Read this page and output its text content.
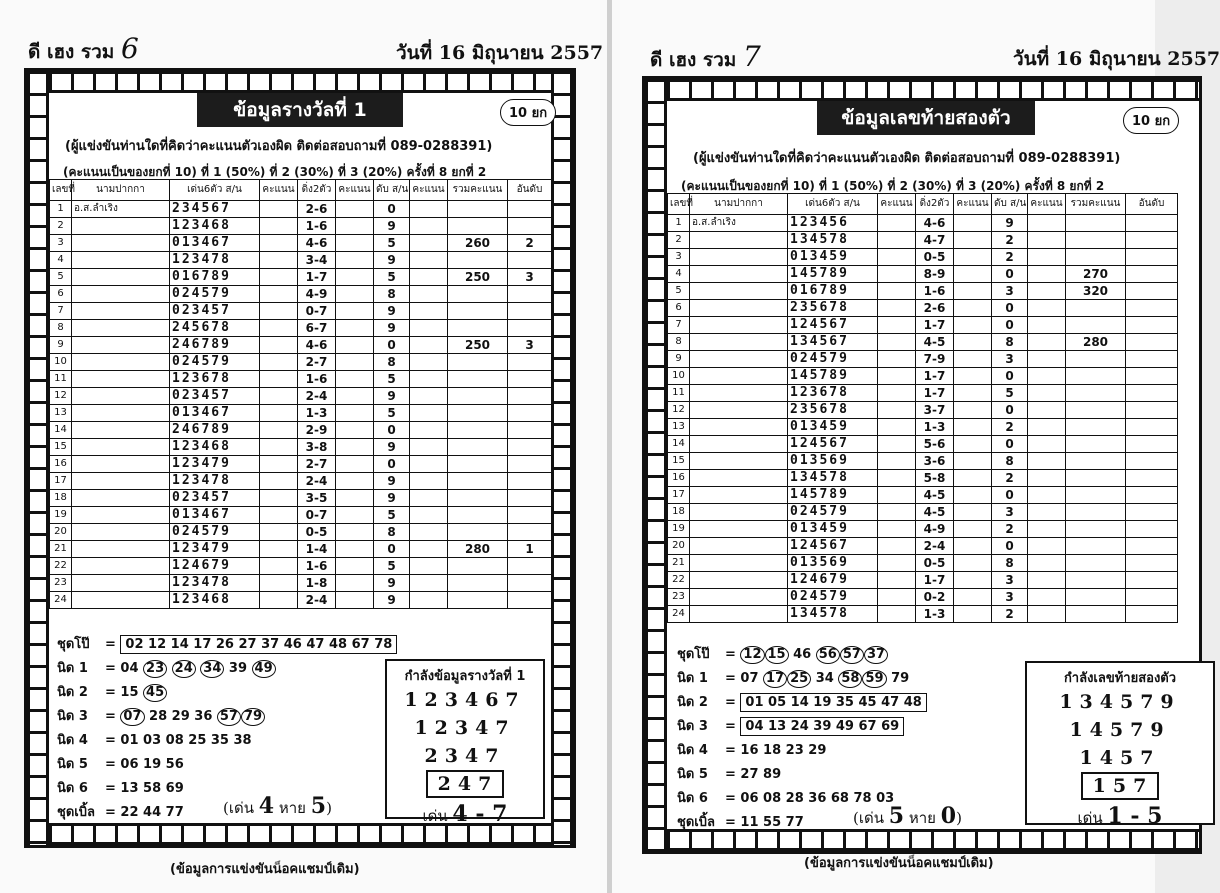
ดี เฮง รวม 6	วันที่ 16 มิถุนายน 2557
ข้อมูลรางวัลที่ 1	10 ยก
(ผู้แข่งขันท่านใดที่คิดว่าคะแนนตัวเองผิด ติดต่อสอบถามที่ 089-0288391)
(คะแนนเป็นของยกที่ 10) ที่ 1 (50%) ที่ 2 (30%) ที่ 3 (20%) ครั้งที่ 8 ยกที่ 2
เลขที่	นามปากกา	เด่น6ตัว ส/น	คะแนน	ดิ่ง2ตัว	คะแนน	ดับ ส/น	คะแนน	รวมคะแนน	อันดับ
1	อ.ส.ลำเริง	234567		2-6		0			
2		123468		1-6		9			
3		013467		4-6		5		260	2
4		123478		3-4		9			
5		016789		1-7		5		250	3
6		024579		4-9		8			
7		023457		0-7		9			
8		245678		6-7		9			
9		246789		4-6		0		250	3
10		024579		2-7		8			
11		123678		1-6		5			
12		023457		2-4		9			
13		013467		1-3		5			
14		246789		2-9		0			
15		123468		3-8		9			
16		123479		2-7		0			
17		123478		2-4		9			
18		023457		3-5		9			
19		013467		0-7		5			
20		024579		0-5		8			
21		123479		1-4		0		280	1
22		124679		1-6		5			
23		123478		1-8		9			
24		123468		2-4		9			
ชุดโป๊ = 02 12 14 17 26 27 37 46 47 48 67 78
นิด 1 = 04 23 24 34 39 49
นิด 2 = 15 45
นิด 3 = 07 28 29 36 57 79
นิด 4 = 01 03 08 25 35 38
นิด 5 = 06 19 56
นิด 6 = 13 58 69
ชุดเบิ้ล = 22 44 77	(เด่น 4 หาย 5)
กำลังข้อมูลรางวัลที่ 1
123467
12347
2347
247
เด่น 4 - 7
(ข้อมูลการแข่งขันน็อคแชมป์เดิม)
ดี เฮง รวม 7	วันที่ 16 มิถุนายน 2557
ข้อมูลเลขท้ายสองตัว	10 ยก
(ผู้แข่งขันท่านใดที่คิดว่าคะแนนตัวเองผิด ติดต่อสอบถามที่ 089-0288391)
(คะแนนเป็นของยกที่ 10) ที่ 1 (50%) ที่ 2 (30%) ที่ 3 (20%) ครั้งที่ 8 ยกที่ 2
เลขที่	นามปากกา	เด่น6ตัว ส/น	คะแนน	ดิ่ง2ตัว	คะแนน	ดับ ส/น	คะแนน	รวมคะแนน	อันดับ
1	อ.ส.ลำเริง	123456		4-6		9			
2		134578		4-7		2			
3		013459		0-5		2			
4		145789		8-9		0		270	
5		016789		1-6		3		320	
6		235678		2-6		0			
7		124567		1-7		0			
8		134567		4-5		8		280	
9		024579		7-9		3			
10		145789		1-7		0			
11		123678		1-7		5			
12		235678		3-7		0			
13		013459		1-3		2			
14		124567		5-6		0			
15		013569		3-6		8			
16		134578		5-8		2			
17		145789		4-5		0			
18		024579		4-5		3			
19		013459		4-9		2			
20		124567		2-4		0			
21		013569		0-5		8			
22		124679		1-7		3			
23		024579		0-2		3			
24		134578		1-3		2			
ชุดโป๊ = 12 15 46 56 57 37
นิด 1 = 07 17 25 34 58 59 79
นิด 2 = 01 05 14 19 35 45 47 48
นิด 3 = 04 13 24 39 49 67 69
นิด 4 = 16 18 23 29
นิด 5 = 27 89
นิด 6 = 06 08 28 36 68 78 03
ชุดเบิ้ล = 11 55 77	(เด่น 5 หาย 0)
กำลังเลขท้ายสองตัว
134579
14579
1457
157
เด่น 1 - 5
(ข้อมูลการแข่งขันน็อคแชมป์เดิม)
